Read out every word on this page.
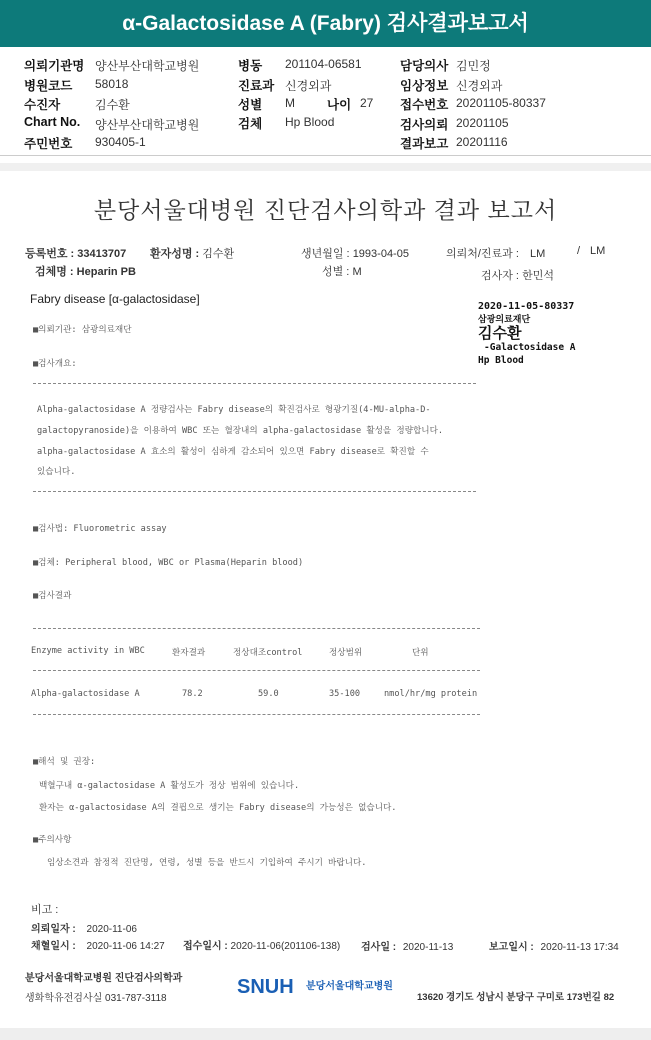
α-Galactosidase A (Fabry) 검사결과보고서
의뢰기관명 양산부산대학교병원	병동 201104-06581	담당의사 김민정
병원코드 58018	진료과 신경외과	임상정보 신경외과
수진자	김수환	성별 M	나이 27 접수번호 20201105-80337
Chart No. 양산부산대학교병원	검체 Hp Blood	검사의뢰 20201105
주민번호 930405-1	결과보고 20201116
분당서울대병원 진단검사의학과 결과 보고서
등록번호 : 33413707 환자성명 : 김수환	생년월일 : 1993-04-05	의뢰처/진료과 : LM	/ LM
검체명 : Heparin PB	성별 : M	검사자 : 한민석
Fabry disease [α-galactosidase]
2020-11-05-80337
삼광의료재단
김수환
-Galactosidase A
Hp Blood
■의뢰기관: 삼광의료재단
■검사개요:
Alpha-galactosidase A 정량검사는 Fabry disease의 확진검사로 형광기질(4-MU-alpha-D-
galactopyranoside)을 이용하여 WBC 또는 혈장내의 alpha-galactosidase 활성을 정량합니다.
alpha-galactosidase A 효소의 활성이 심하게 감소되어 있으면 Fabry disease로 확진할 수
있습니다.
■검사법: Fluorometric assay
■검체: Peripheral blood, WBC or Plasma(Heparin blood)
■검사결과
Enzyme activity in WBC	환자결과	정상대조control	정상범위	단위
Alpha-galactosidase A	78.2	59.0	35-100	nmol/hr/mg protein
■해석 및 권장:
백혈구내 α-galactosidase A 활성도가 정상 범위에 있습니다.
환자는 α-galactosidase A의 결핍으로 생기는 Fabry disease의 가능성은 없습니다.
■주의사항
임상소견과 참정적 진단명, 연령, 성별 등을 반드시 기입하여 주시기 바랍니다.
비고 :
의뢰일자 : 2020-11-06
채혈일시 : 2020-11-06 14:27 접수일시 : 2020-11-06(201106-138) 검사일 : 2020-11-13	보고일시 : 2020-11-13 17:34
분당서울대학교병원 진단검사의학과
생화학유전검사실 031-787-3118
SNUH 분당서울대학교병원
13620 경기도 성남시 분당구 구미로 173번길 82
